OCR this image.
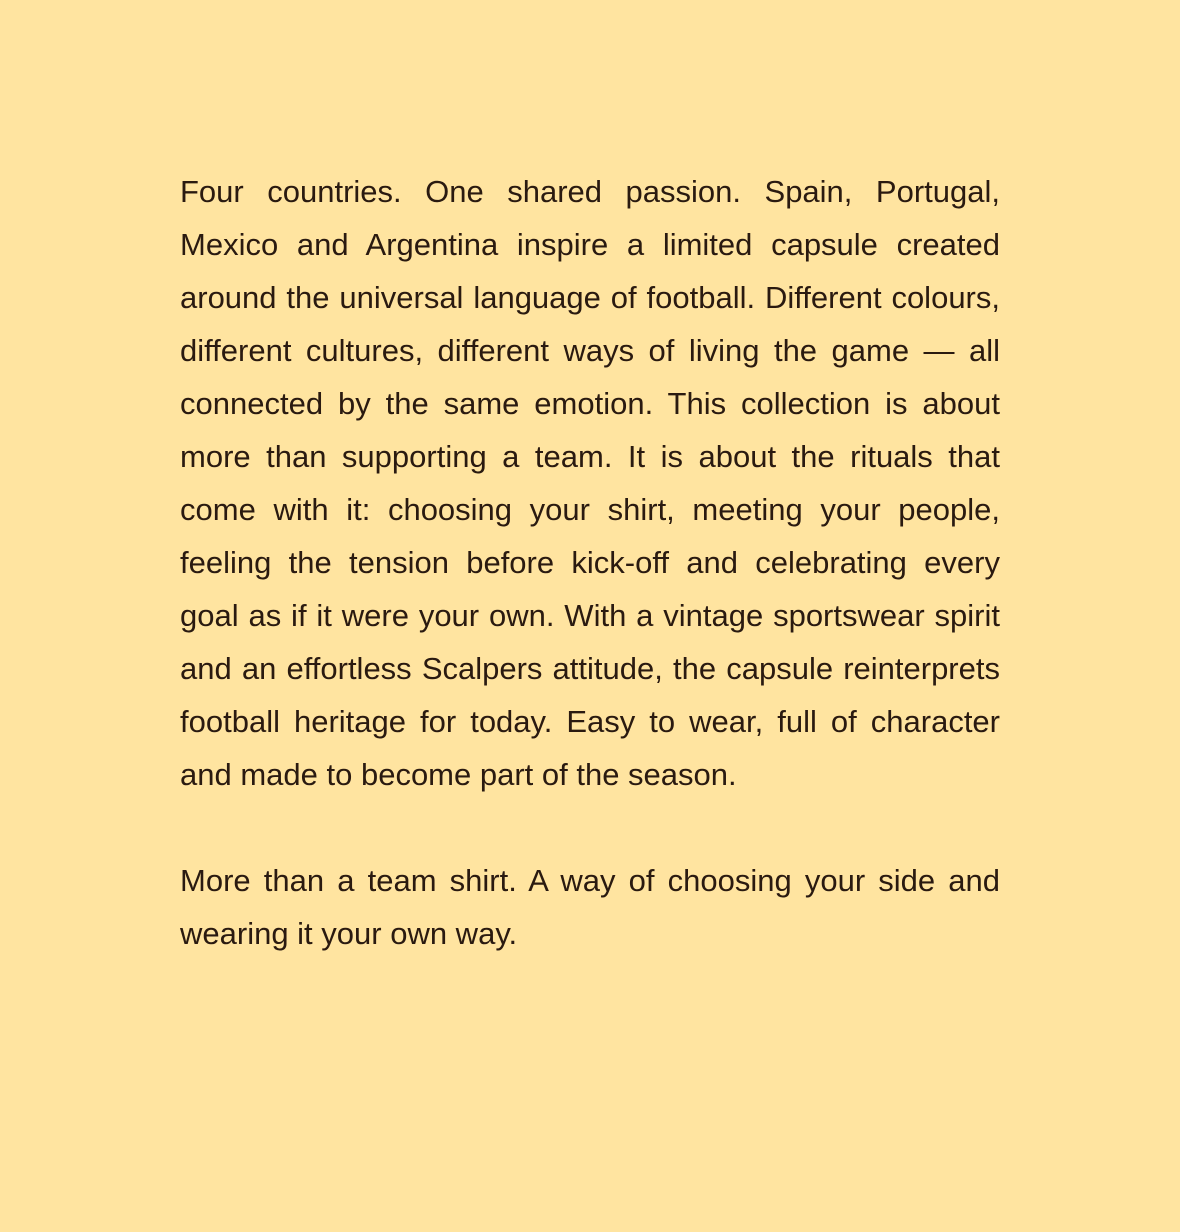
Four countries. One shared passion. Spain, Portugal, Mexico and Argentina inspire a limited capsule created around the universal language of football. Different colours, different cultures, different ways of living the game — all connected by the same emotion. This collection is about more than supporting a team. It is about the rituals that come with it: choosing your shirt, meeting your people, feeling the tension before kick-off and celebrating every goal as if it were your own. With a vintage sportswear spirit and an effortless Scalpers attitude, the capsule reinterprets football heritage for today. Easy to wear, full of character and made to become part of the season.

More than a team shirt. A way of choosing your side and wearing it your own way.
